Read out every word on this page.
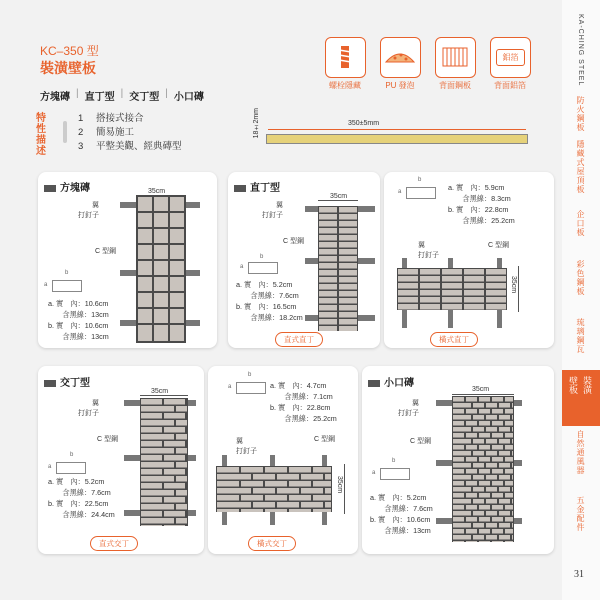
KC–350 型
裝潢壁板
方塊磚 | 直丁型 | 交丁型 | 小口磚
特性描述
1 搭接式接合
2 簡易施工
3 平整美觀、經典磚型
螺栓隱藏	PU 發泡	背面鋼板
鋁箔
背面鋁箔
18±2mm	350±5mm
方塊磚	35cm
翼
打釘子
C 型鋼
a
b
a. 實　內：10.6cm
　　含黑線：13cm
b. 實　內：10.6cm
　　含黑線：13cm
直丁型
35cm
翼
打釘子
C 型鋼
a
b
a. 實　內：5.2cm
　　含黑線：7.6cm
b. 實　內：16.5cm
　　含黑線：18.2cm
直式直丁
a
b
a. 實　內：5.9cm
　　含黑線：8.3cm
b. 實　內：22.8cm
　　含黑線：25.2cm
翼
打釘子
C 型鋼
35cm
橫式直丁
交丁型
35cm
翼
打釘子
C 型鋼
a
b
a. 實　內：5.2cm
　　含黑線：7.6cm
b. 實　內：22.5cm
　　含黑線：24.4cm
直式交丁
a
b
a. 實　內：4.7cm
　　含黑線：7.1cm
b. 實　內：22.8cm
　　含黑線：25.2cm
翼
打釘子
C 型鋼
35cm
橫式交丁
小口磚
35cm
翼
打釘子
C 型鋼
a
b
a. 實　內：5.2cm
　　含黑線：7.6cm
b. 實　內：10.6cm
　　含黑線：13cm
KA-CHING STEEL
防火鋼板
隱藏式屋頂板
企口板
彩色鋼板
琉璃鋼瓦
裝潢
壁板
自然通風器
五金配件
31
